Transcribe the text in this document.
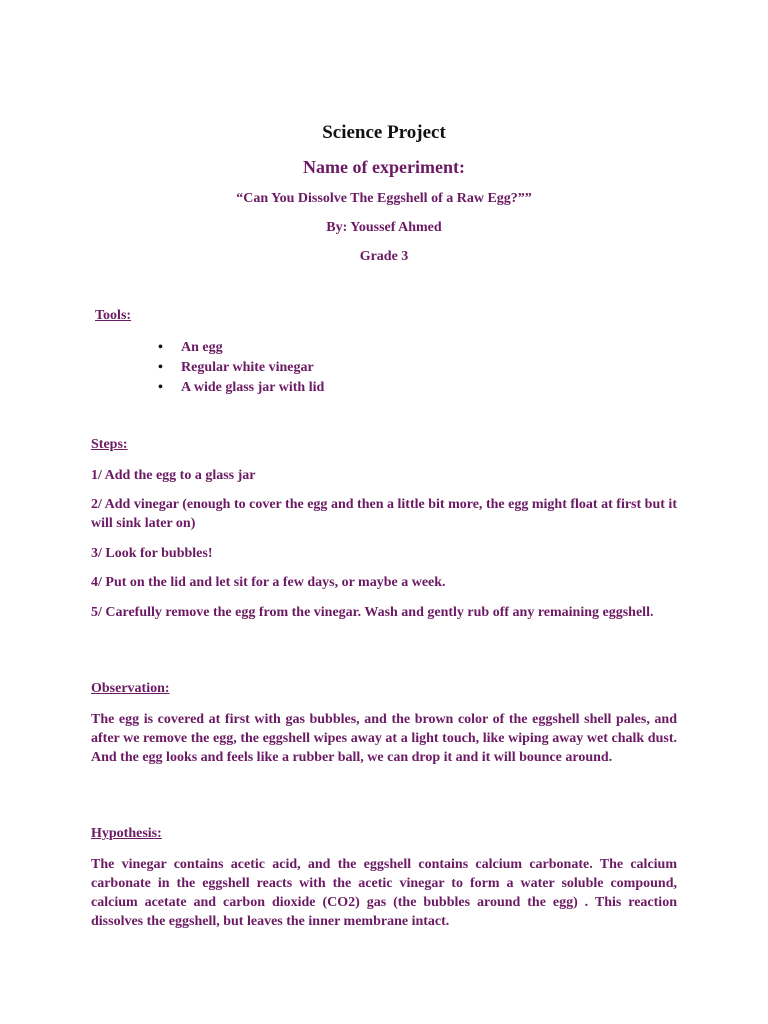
Science Project
Name of experiment:
“Can You Dissolve The Eggshell of a Raw Egg?””
By: Youssef Ahmed
Grade 3
Tools:
• An egg
• Regular white vinegar
• A wide glass jar with lid
Steps:
1/ Add the egg to a glass jar
2/ Add vinegar (enough to cover the egg and then a little bit more, the egg might float at first but it will sink later on)
3/ Look for bubbles!
4/ Put on the lid and let sit for a few days, or maybe a week.
5/ Carefully remove the egg from the vinegar. Wash and gently rub off any remaining eggshell.
Observation:
The egg is covered at first with gas bubbles, and the brown color of the eggshell shell pales, and after we remove the egg, the eggshell wipes away at a light touch, like wiping away wet chalk dust. And the egg looks and feels like a rubber ball, we can drop it and it will bounce around.
Hypothesis:
The vinegar contains acetic acid, and the eggshell contains calcium carbonate. The calcium carbonate in the eggshell reacts with the acetic vinegar to form a water soluble compound, calcium acetate and carbon dioxide (CO2) gas (the bubbles around the egg) . This reaction dissolves the eggshell, but leaves the inner membrane intact.
